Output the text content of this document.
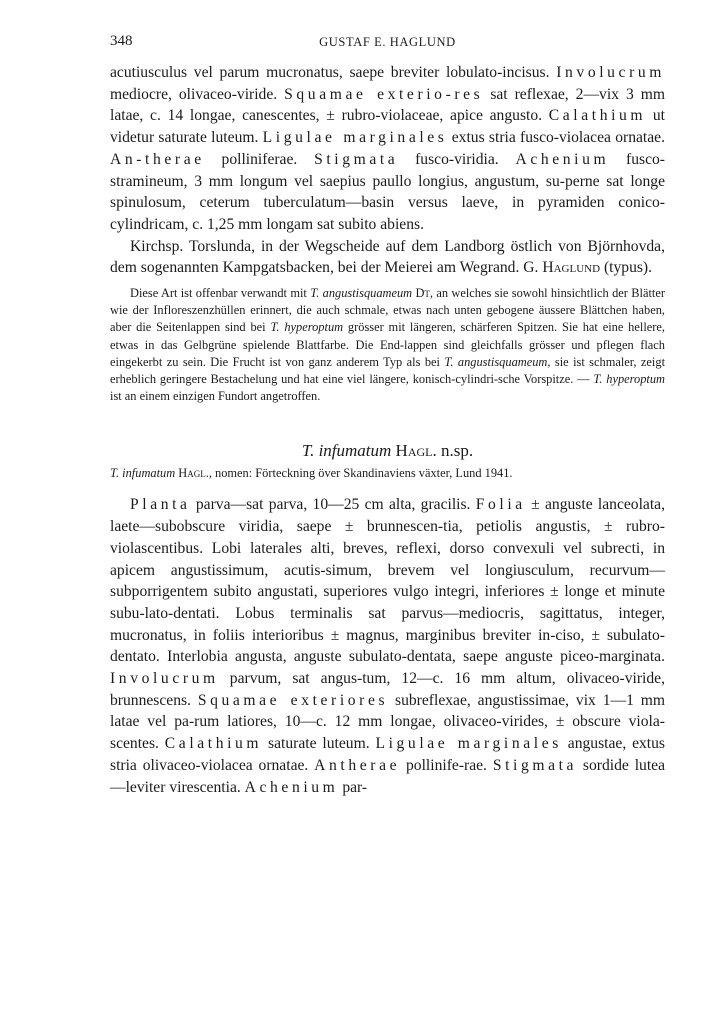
348	GUSTAF E. HAGLUND

acutiusculus vel parum mucronatus, saepe breviter lobulato-incisus. Involucrum mediocre, olivaceo-viride. Squamae exterio-res sat reflexae, 2—vix 3 mm latae, c. 14 longae, canescentes, ± rubro-violaceae, apice angusto. Calathium ut videtur saturate luteum. Ligulae marginales extus stria fusco-violacea ornatae. An-therae polliniferae. Stigmata fusco-viridia. Achenium fusco-stramineum, 3 mm longum vel saepius paullo longius, angustum, su-perne sat longe spinulosum, ceterum tuberculatum—basin versus laeve, in pyramiden conico-cylindricam, c. 1,25 mm longam sat subito abiens.

Kirchsp. Torslunda, in der Wegscheide auf dem Landborg östlich von Björnhovda, dem sogenannten Kampgatsbacken, bei der Meierei am Wegrand. G. Haglund (typus).

Diese Art ist offenbar verwandt mit T. angustisquameum Dt, an welches sie sowohl hinsichtlich der Blätter wie der Infloreszenzhüllen erinnert, die auch schmale, etwas nach unten gebogene äussere Blättchen haben, aber die Seitenlappen sind bei T. hyperoptum grösser mit längeren, schärferen Spitzen. Sie hat eine hellere, etwas in das Gelbgrüne spielende Blattfarbe. Die End-lappen sind gleichfalls grösser und pflegen flach eingekerbt zu sein. Die Frucht ist von ganz anderem Typ als bei T. angustisquameum, sie ist schmaler, zeigt erheblich geringere Bestachelung und hat eine viel längere, konisch-cylindri-sche Vorspitze. — T. hyperoptum ist an einem einzigen Fundort angetroffen.

T. infumatum Hagl. n.sp.
T. infumatum Hagl., nomen: Förteckning över Skandinaviens växter, Lund 1941.

Planta parva—sat parva, 10—25 cm alta, gracilis. Folia ± anguste lanceolata, laete—subobscure viridia, saepe ± brunnescen-tia, petiolis angustis, ± rubro-violascentibus. Lobi laterales alti, breves, reflexi, dorso convexuli vel subrecti, in apicem angustissimum, acutis-simum, brevem vel longiusculum, recurvum—subporrigentem subito angustati, superiores vulgo integri, inferiores ± longe et minute subu-lato-dentati. Lobus terminalis sat parvus—mediocris, sagittatus, integer, mucronatus, in foliis interioribus ± magnus, marginibus breviter in-ciso, ± subulato-dentato. Interlobia angusta, anguste subulato-dentata, saepe anguste piceo-marginata. Involucrum parvum, sat angus-tum, 12—c. 16 mm altum, olivaceo-viride, brunnescens. Squamae exteriores subreflexae, angustissimae, vix 1—1 mm latae vel pa-rum latiores, 10—c. 12 mm longae, olivaceo-virides, ± obscure viola-scentes. Calathium saturate luteum. Ligulae marginales angustae, extus stria olivaceo-violacea ornatae. Antherae pollinife-rae. Stigmata sordide lutea—leviter virescentia. Achenium par-
